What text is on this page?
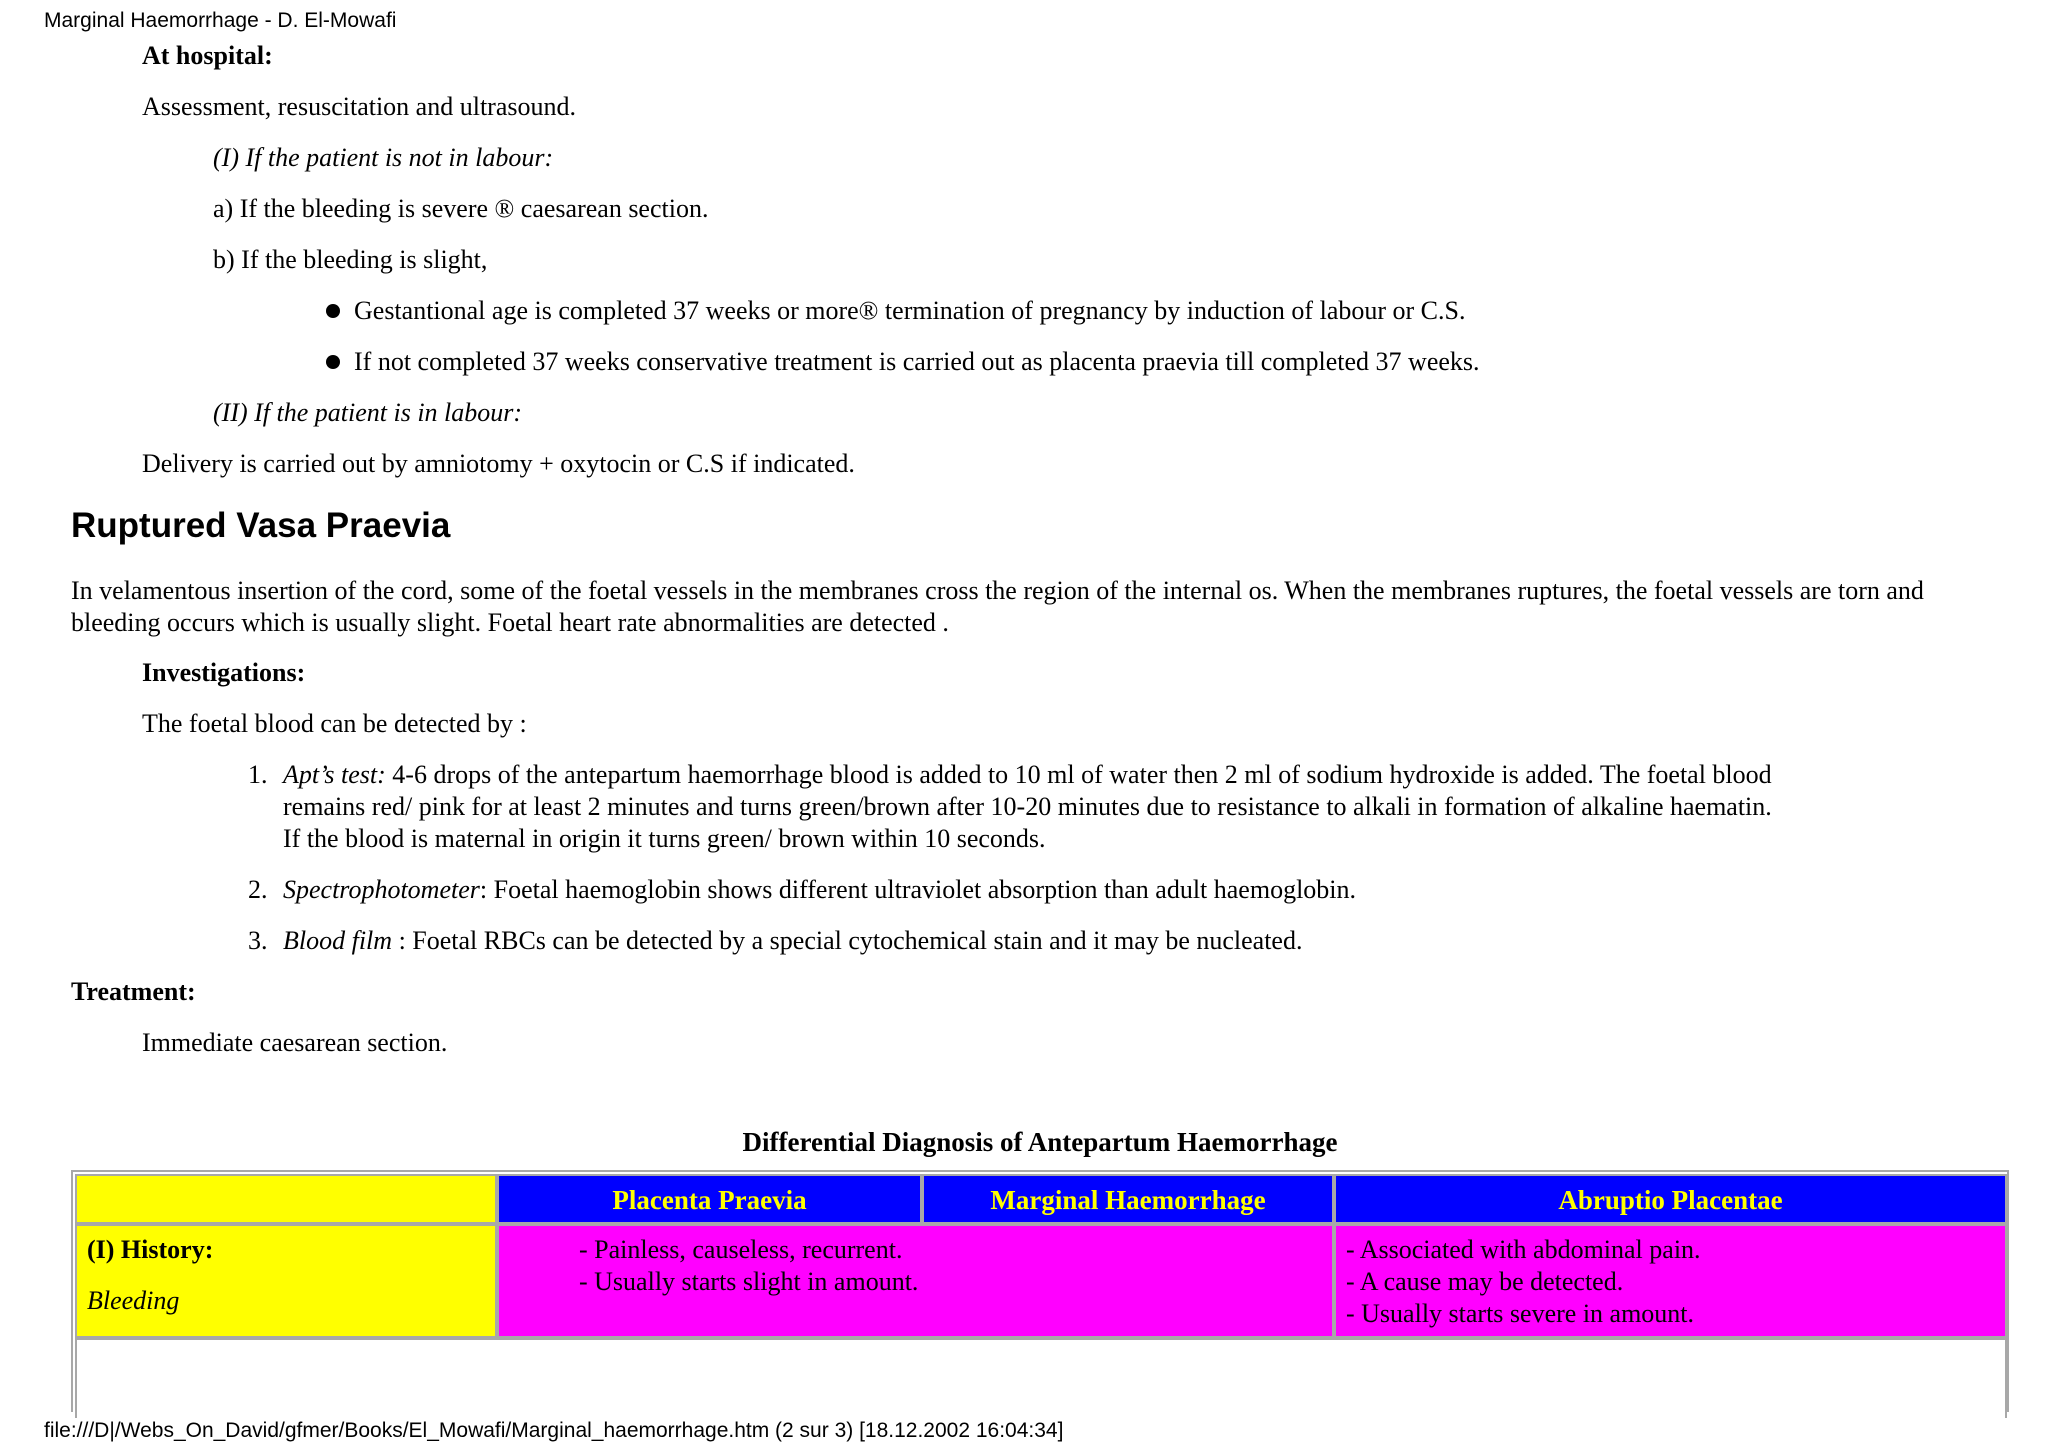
Marginal Haemorrhage - D. El-Mowafi
At hospital:
Assessment, resuscitation and ultrasound.
(I) If the patient is not in labour:
a) If the bleeding is severe ® caesarean section.
b) If the bleeding is slight,
Gestantional age is completed 37 weeks or more® termination of pregnancy by induction of labour or C.S.
If not completed 37 weeks conservative treatment is carried out as placenta praevia till completed 37 weeks.
(II) If the patient is in labour:
Delivery is carried out by amniotomy + oxytocin or C.S if indicated.
Ruptured Vasa Praevia
In velamentous insertion of the cord, some of the foetal vessels in the membranes cross the region of the internal os. When the membranes ruptures, the foetal vessels are torn and bleeding occurs which is usually slight. Foetal heart rate abnormalities are detected .
Investigations:
The foetal blood can be detected by :
1. Apt’s test: 4-6 drops of the antepartum haemorrhage blood is added to 10 ml of water then 2 ml of sodium hydroxide is added. The foetal blood
remains red/ pink for at least 2 minutes and turns green/brown after 10-20 minutes due to resistance to alkali in formation of alkaline haematin.
If the blood is maternal in origin it turns green/ brown within 10 seconds.
2. Spectrophotometer: Foetal haemoglobin shows different ultraviolet absorption than adult haemoglobin.
3. Blood film : Foetal RBCs can be detected by a special cytochemical stain and it may be nucleated.
Treatment:
Immediate caesarean section.
Differential Diagnosis of Antepartum Haemorrhage
Placenta Praevia	Marginal Haemorrhage	Abruptio Placentae
(I) History:
Bleeding
- Painless, causeless, recurrent.
- Usually starts slight in amount.
- Associated with abdominal pain.
- A cause may be detected.
- Usually starts severe in amount.
file:///D|/Webs_On_David/gfmer/Books/El_Mowafi/Marginal_haemorrhage.htm (2 sur 3) [18.12.2002 16:04:34]
